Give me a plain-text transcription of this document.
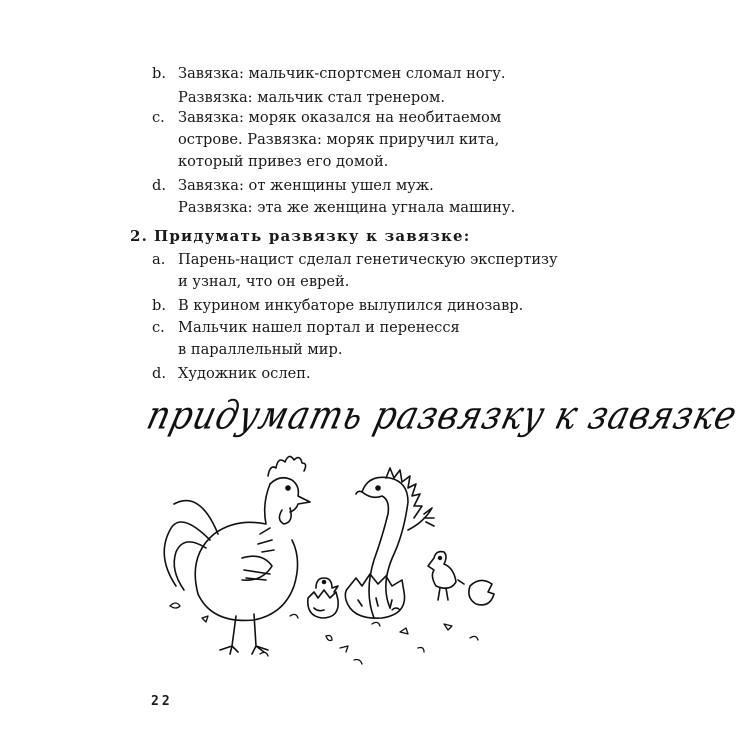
b. Завязка: мальчик-спортсмен сломал ногу.
Развязка: мальчик стал тренером.
c. Завязка: моряк оказался на необитаемом
острове. Развязка: моряк приручил кита,
который привез его домой.
d. Завязка: от женщины ушел муж.
Развязка: эта же женщина угнала машину.
2. Придумать развязку к завязке:
a. Парень-нацист сделал генетическую экспертизу
и узнал, что он еврей.
b. В курином инкубаторе вылупился динозавр.
c. Мальчик нашел портал и перенесся
в параллельный мир.
d. Художник ослеп.
придумать развязку к завязке
22
